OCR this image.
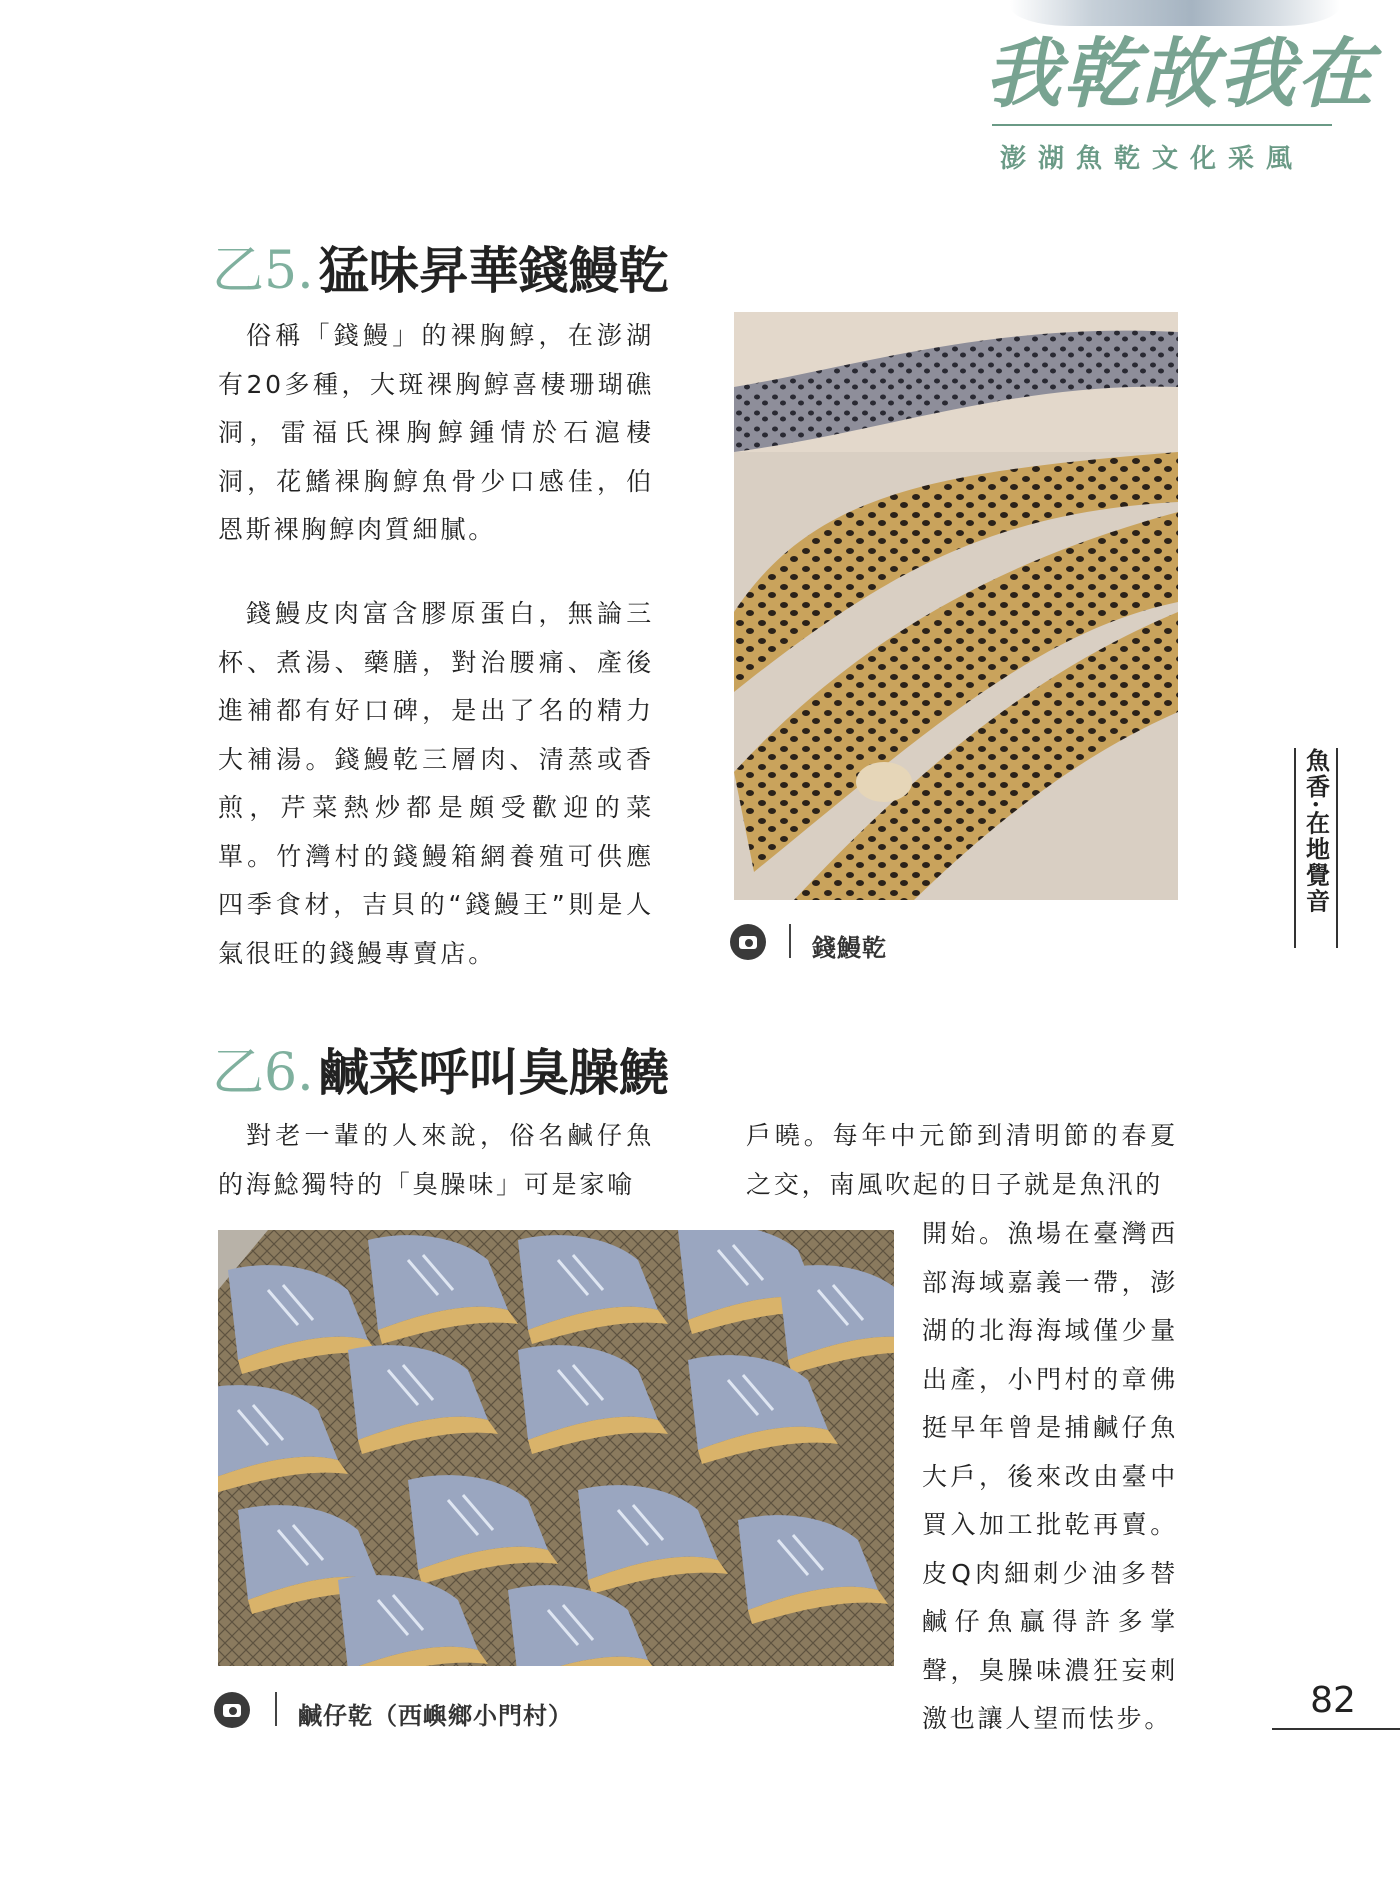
我乾故我在
澎湖魚乾文化采風
乙5. 猛味昇華錢鰻乾

俗稱「錢鰻」的裸胸鯙，在澎湖有20多種，大斑裸胸鯙喜棲珊瑚礁洞，雷福氏裸胸鯙鍾情於石滬棲洞，花鰭裸胸鯙魚骨少口感佳，伯恩斯裸胸鯙肉質細膩。

錢鰻皮肉富含膠原蛋白，無論三杯、煮湯、藥膳，對治腰痛、產後進補都有好口碑，是出了名的精力大補湯。錢鰻乾三層肉、清蒸或香煎，芹菜熱炒都是頗受歡迎的菜單。竹灣村的錢鰻箱網養殖可供應四季食材，吉貝的“錢鰻王”則是人氣很旺的錢鰻專賣店。	錢鰻乾
魚香·在地覺音
乙6. 鹹菜呼叫臭臊鱙

對老一輩的人來說，俗名鹹仔魚的海鯰獨特的「臭臊味」可是家喻

戶曉。每年中元節到清明節的春夏之交，南風吹起的日子就是魚汛的

開始。漁場在臺灣西部海域嘉義一帶，澎湖的北海海域僅少量出產，小門村的章佛挺早年曾是捕鹹仔魚大戶，後來改由臺中買入加工批乾再賣。皮Q肉細刺少油多替鹹仔魚贏得許多掌聲，臭臊味濃狂妄刺激也讓人望而怯步。

鹹仔乾（西嶼鄉小門村）	82
